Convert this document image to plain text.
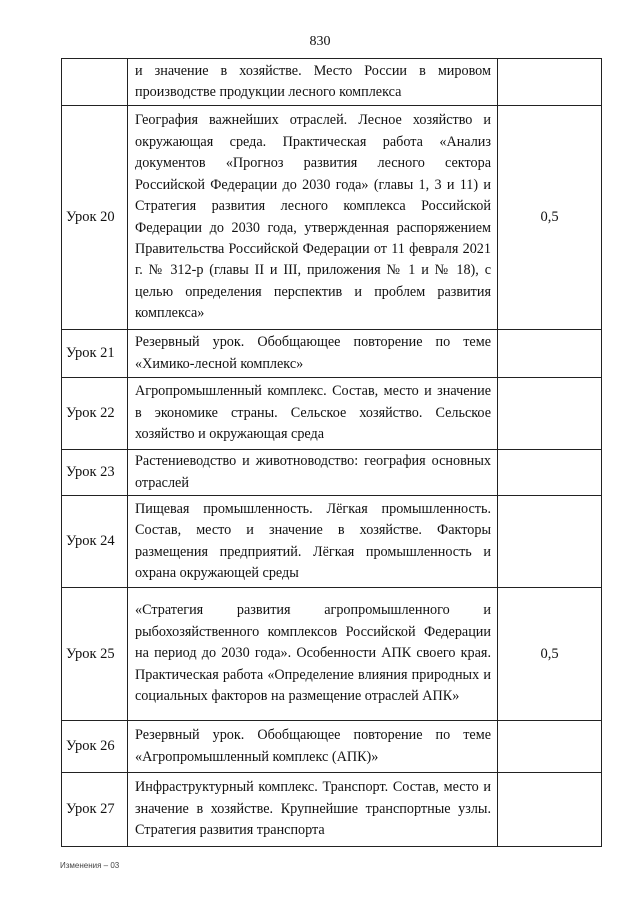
830

	и значение в хозяйстве. Место России в мировом производстве продукции лесного комплекса	

Урок 20	География важнейших отраслей. Лесное хозяйство и окружающая среда. Практическая работа «Анализ документов «Прогноз развития лесного сектора Российской Федерации до 2030 года» (главы 1, 3 и 11) и Стратегия развития лесного комплекса Российской Федерации до 2030 года, утвержденная распоряжением Правительства Российской Федерации от 11 февраля 2021 г. № 312-р (главы II и III, приложения № 1 и № 18), с целью определения перспектив и проблем развития комплекса»	0,5

Урок 21	Резервный урок. Обобщающее повторение по теме «Химико-лесной комплекс»	

Урок 22	Агропромышленный комплекс. Состав, место и значение в экономике страны. Сельское хозяйство. Сельское хозяйство и окружающая среда	

Урок 23	Растениеводство и животноводство: география основных отраслей	

Урок 24	Пищевая промышленность. Лёгкая промышленность. Состав, место и значение в хозяйстве. Факторы размещения предприятий. Лёгкая промышленность и охрана окружающей среды	

Урок 25	«Стратегия развития агропромышленного и рыбохозяйственного комплексов Российской Федерации на период до 2030 года». Особенности АПК своего края. Практическая работа «Определение влияния природных и социальных факторов на размещение отраслей АПК»	0,5

Урок 26	Резервный урок. Обобщающее повторение по теме «Агропромышленный комплекс (АПК)»	

Урок 27	Инфраструктурный комплекс. Транспорт. Состав, место и значение в хозяйстве. Крупнейшие транспортные узлы. Стратегия развития транспорта	

Изменения – 03
